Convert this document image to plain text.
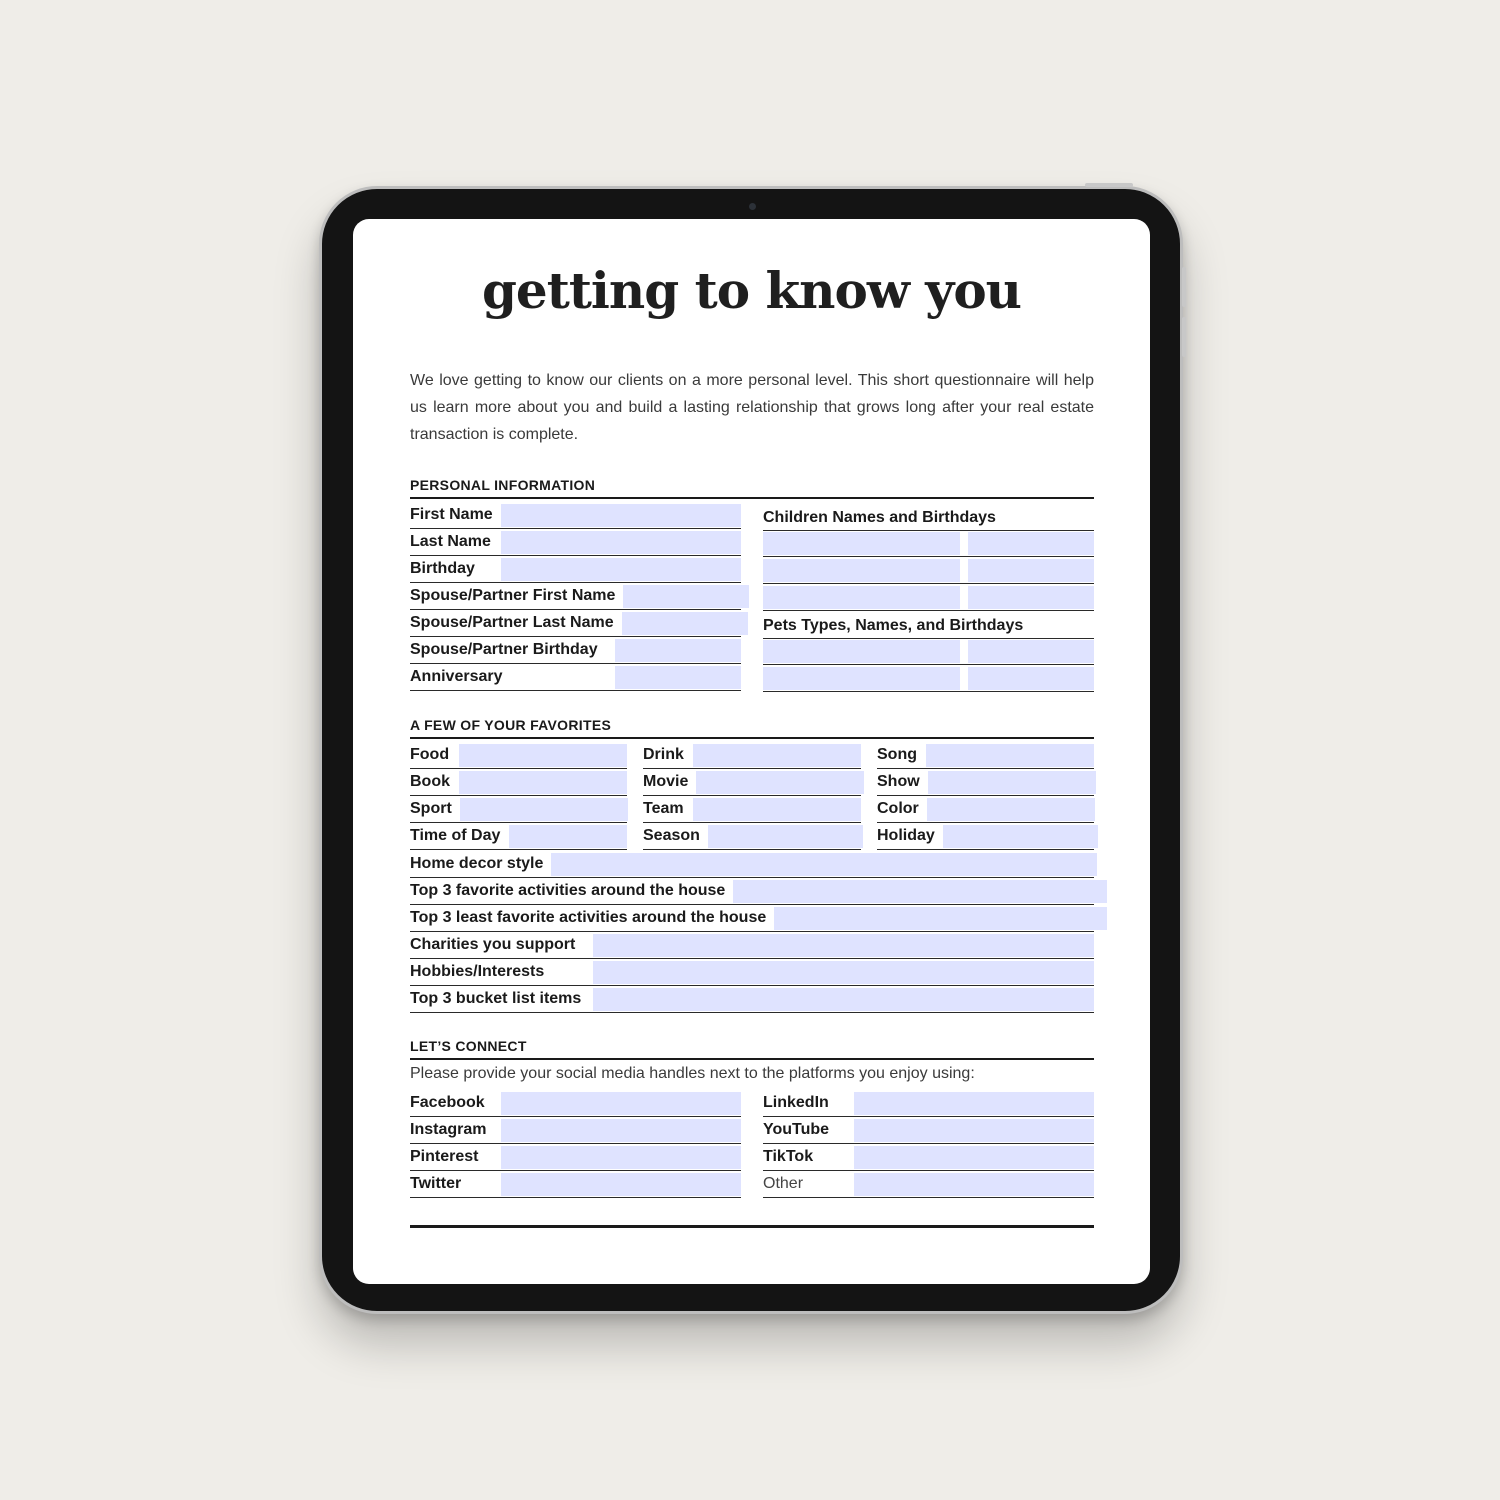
getting to know you

We love getting to know our clients on a more personal level. This short questionnaire will help us learn more about you and build a lasting relationship that grows long after your real estate transaction is complete.

PERSONAL INFORMATION
First Name
Last Name
Birthday
Spouse/Partner First Name
Spouse/Partner Last Name
Spouse/Partner Birthday
Anniversary
Children Names and Birthdays
Pets Types, Names, and Birthdays
A FEW OF YOUR FAVORITES
Food
Book
Sport
Time of Day
Drink
Movie
Team
Season
Song
Show
Color
Holiday
Home decor style
Top 3 favorite activities around the house
Top 3 least favorite activities around the house
Charities you support
Hobbies/Interests
Top 3 bucket list items
LET’S CONNECT
Please provide your social media handles next to the platforms you enjoy using:
Facebook
Instagram
Pinterest
Twitter
LinkedIn
YouTube
TikTok
Other
